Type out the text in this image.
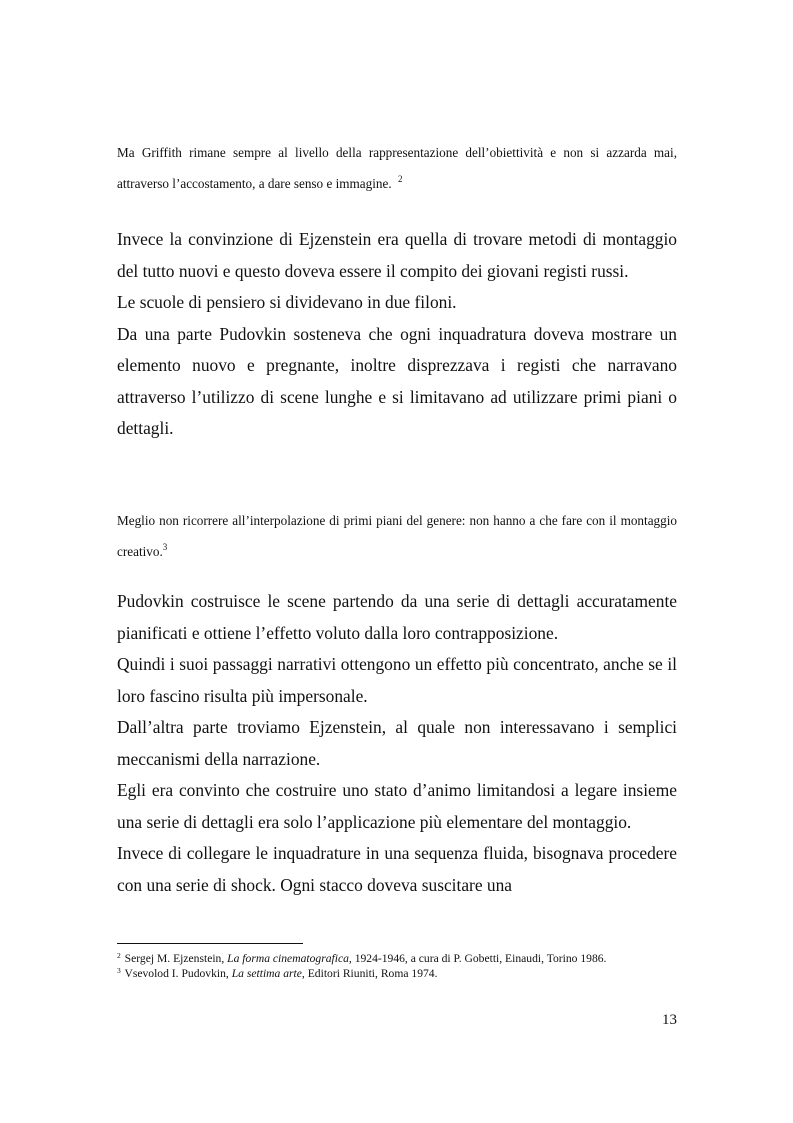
Ma Griffith rimane sempre al livello della rappresentazione dell’obiettività e non si azzarda mai, attraverso l’accostamento, a dare senso e immagine. $^2$

Invece la convinzione di Ejzenstein era quella di trovare metodi di montaggio del tutto nuovi e questo doveva essere il compito dei giovani registi russi.

Le scuole di pensiero si dividevano in due filoni.

Da una parte Pudovkin sosteneva che ogni inquadratura doveva mostrare un elemento nuovo e pregnante, inoltre disprezzava i registi che narravano attraverso l’utilizzo di scene lunghe e si limitavano ad utilizzare primi piani o dettagli.

Meglio non ricorrere all’interpolazione di primi piani del genere: non hanno a che fare con il montaggio creativo.$^3$

Pudovkin costruisce le scene partendo da una serie di dettagli accuratamente pianificati e ottiene l’effetto voluto dalla loro contrapposizione.

Quindi i suoi passaggi narrativi ottengono un effetto più concentrato, anche se il loro fascino risulta più impersonale.

Dall’altra parte troviamo Ejzenstein, al quale non interessavano i semplici meccanismi della narrazione.

Egli era convinto che costruire uno stato d’animo limitandosi a legare insieme una serie di dettagli era solo l’applicazione più elementare del montaggio.

Invece di collegare le inquadrature in una sequenza fluida, bisognava procedere con una serie di shock. Ogni stacco doveva suscitare una

$^2$ Sergej M. Ejzenstein, La forma cinematografica, 1924-1946, a cura di P. Gobetti, Einaudi, Torino 1986.

$^3$ Vsevolod I. Pudovkin, La settima arte, Editori Riuniti, Roma 1974.

13
